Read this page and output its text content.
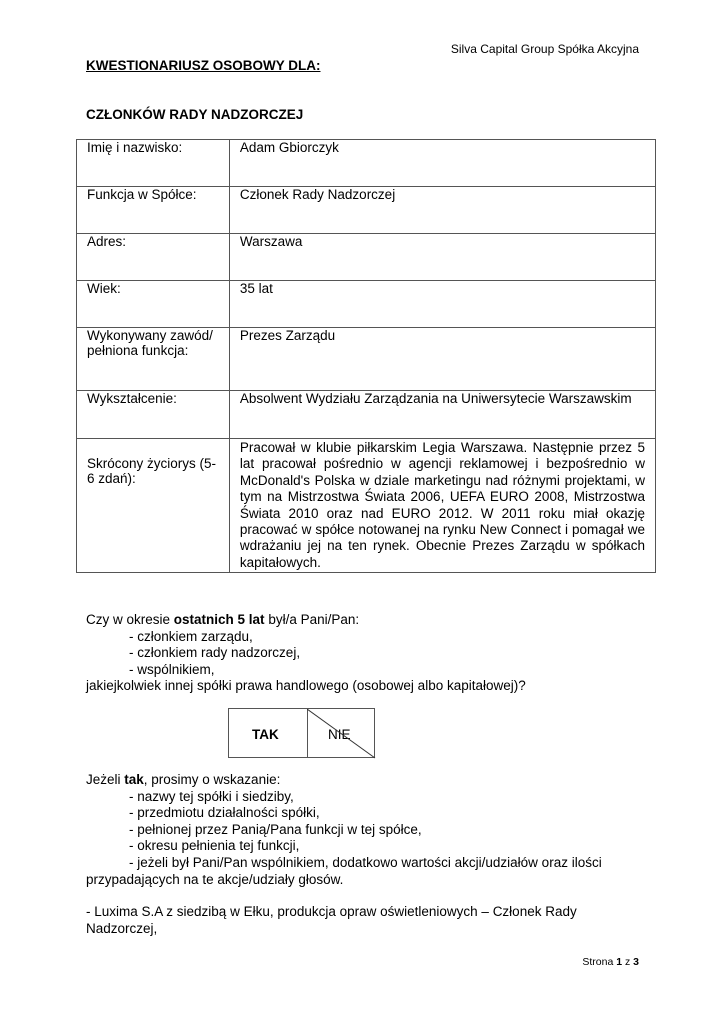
Silva Capital Group Spółka Akcyjna
KWESTIONARIUSZ OSOBOWY DLA:
CZŁONKÓW RADY NADZORCZEJ
Imię i nazwisko:	Adam Gbiorczyk
Funkcja w Spółce:	Członek Rady Nadzorczej
Adres:	Warszawa
Wiek:	35 lat
Wykonywany zawód/ pełniona funkcja:	Prezes Zarządu
Wykształcenie:	Absolwent Wydziału Zarządzania na Uniwersytecie Warszawskim
Skrócony życiorys (5-6 zdań):	Pracował w klubie piłkarskim Legia Warszawa. Następnie przez 5 lat pracował pośrednio w agencji reklamowej i bezpośrednio w McDonald's Polska w dziale marketingu nad różnymi projektami, w tym na Mistrzostwa Świata 2006, UEFA EURO 2008, Mistrzostwa Świata 2010 oraz nad EURO 2012. W 2011 roku miał okazję pracować w spółce notowanej na rynku New Connect i pomagał we wdrażaniu jej na ten rynek. Obecnie Prezes Zarządu w spółkach kapitałowych.
Czy w okresie ostatnich 5 lat był/a Pani/Pan:
- członkiem zarządu,
- członkiem rady nadzorczej,
- wspólnikiem,
jakiejkolwiek innej spółki prawa handlowego (osobowej albo kapitałowej)?
TAK	NIE
Jeżeli tak, prosimy o wskazanie:
- nazwy tej spółki i siedziby,
- przedmiotu działalności spółki,
- pełnionej przez Panią/Pana funkcji w tej spółce,
- okresu pełnienia tej funkcji,
- jeżeli był Pani/Pan wspólnikiem, dodatkowo wartości akcji/udziałów oraz ilości
przypadających na te akcje/udziały głosów.
- Luxima S.A z siedzibą w Ełku, produkcja opraw oświetleniowych – Członek Rady Nadzorczej,
Strona 1 z 3
